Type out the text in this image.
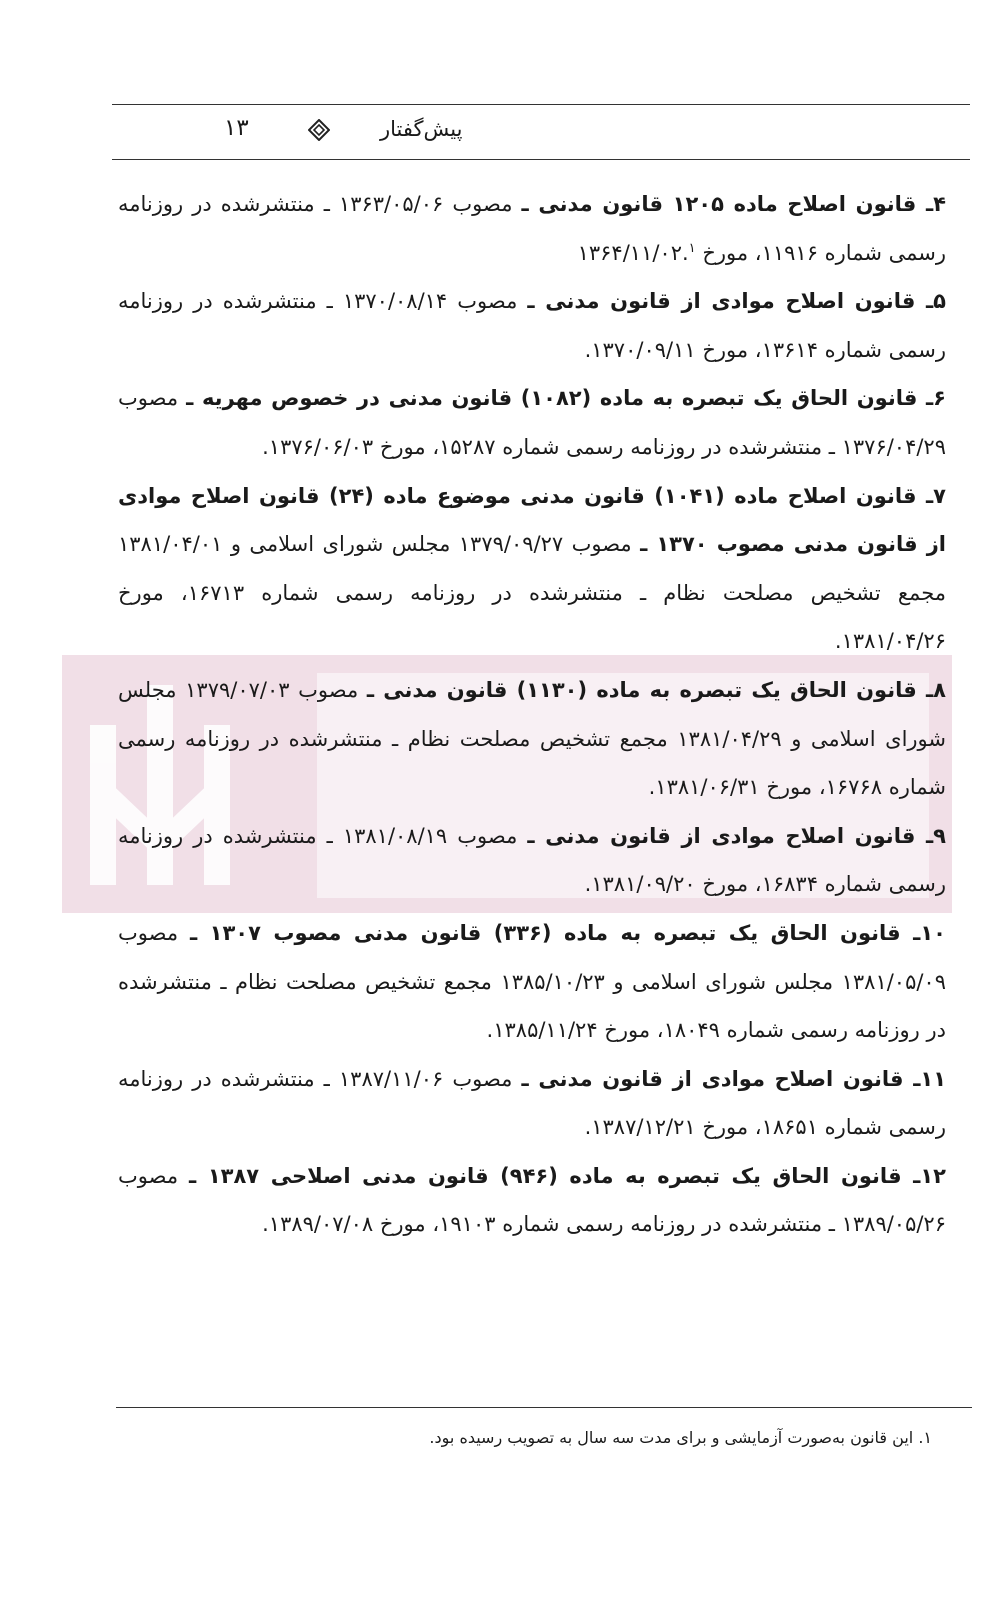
۱۳	پیش‌گفتار

۴ـ قانون اصلاح ماده ۱۲۰۵ قانون مدنی ـ مصوب ۱۳۶۳/۰۵/۰۶ ـ منتشرشده در روزنامه رسمی شماره ۱۱۹۱۶، مورخ ۱۳۶۴/۱۱/۰۲.$^۱$

۵ـ قانون اصلاح موادی از قانون مدنی ـ مصوب ۱۳۷۰/۰۸/۱۴ ـ منتشرشده در روزنامه رسمی شماره ۱۳۶۱۴، مورخ ۱۳۷۰/۰۹/۱۱.

۶ـ قانون الحاق یک تبصره به ماده (۱۰۸۲) قانون مدنی در خصوص مهریه ـ مصوب ۱۳۷۶/۰۴/۲۹ ـ منتشرشده در روزنامه رسمی شماره ۱۵۲۸۷، مورخ ۱۳۷۶/۰۶/۰۳.

۷ـ قانون اصلاح ماده (۱۰۴۱) قانون مدنی موضوع ماده (۲۴) قانون اصلاح موادی از قانون مدنی مصوب ۱۳۷۰ ـ مصوب ۱۳۷۹/۰۹/۲۷ مجلس شورای اسلامی و ۱۳۸۱/۰۴/۰۱ مجمع تشخیص مصلحت نظام ـ منتشرشده در روزنامه رسمی شماره ۱۶۷۱۳، مورخ ۱۳۸۱/۰۴/۲۶.

۸ـ قانون الحاق یک تبصره به ماده (۱۱۳۰) قانون مدنی ـ مصوب ۱۳۷۹/۰۷/۰۳ مجلس شورای اسلامی و ۱۳۸۱/۰۴/۲۹ مجمع تشخیص مصلحت نظام ـ منتشرشده در روزنامه رسمی شماره ۱۶۷۶۸، مورخ ۱۳۸۱/۰۶/۳۱.

۹ـ قانون اصلاح موادی از قانون مدنی ـ مصوب ۱۳۸۱/۰۸/۱۹ ـ منتشرشده در روزنامه رسمی شماره ۱۶۸۳۴، مورخ ۱۳۸۱/۰۹/۲۰.

۱۰ـ قانون الحاق یک تبصره به ماده (۳۳۶) قانون مدنی مصوب ۱۳۰۷ ـ مصوب ۱۳۸۱/۰۵/۰۹ مجلس شورای اسلامی و ۱۳۸۵/۱۰/۲۳ مجمع تشخیص مصلحت نظام ـ منتشرشده در روزنامه رسمی شماره ۱۸۰۴۹، مورخ ۱۳۸۵/۱۱/۲۴.

۱۱ـ قانون اصلاح موادی از قانون مدنی ـ مصوب ۱۳۸۷/۱۱/۰۶ ـ منتشرشده در روزنامه رسمی شماره ۱۸۶۵۱، مورخ ۱۳۸۷/۱۲/۲۱.

۱۲ـ قانون الحاق یک تبصره به ماده (۹۴۶) قانون مدنی اصلاحی ۱۳۸۷ ـ مصوب ۱۳۸۹/۰۵/۲۶ ـ منتشرشده در روزنامه رسمی شماره ۱۹۱۰۳، مورخ ۱۳۸۹/۰۷/۰۸.

۱. این قانون به‌صورت آزمایشی و برای مدت سه سال به تصویب رسیده بود.
